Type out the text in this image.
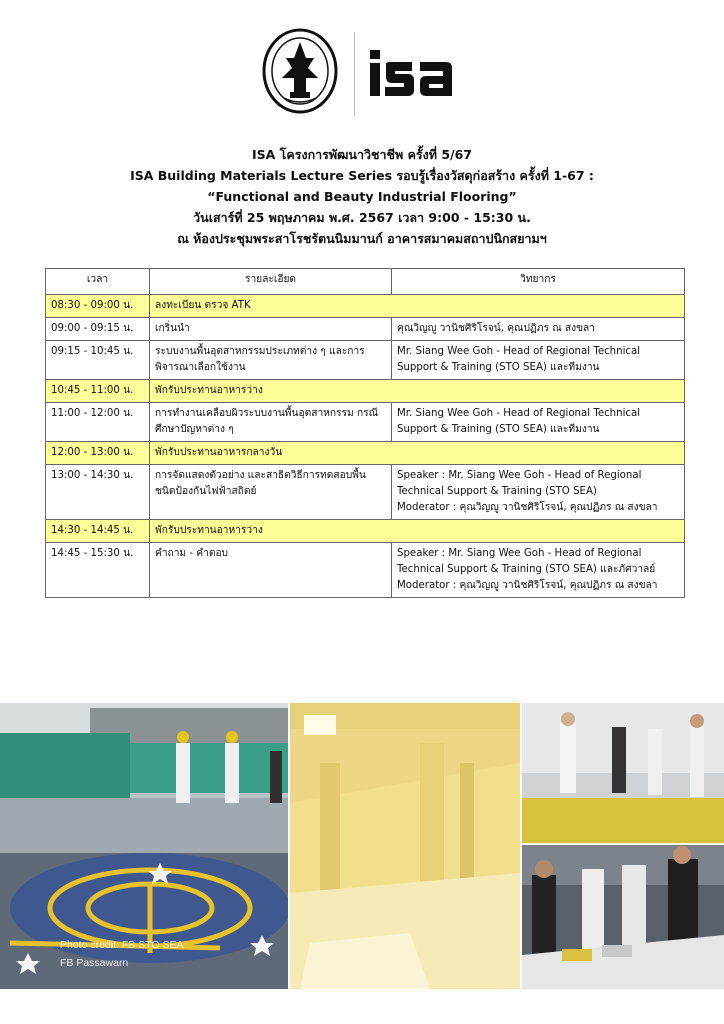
ISA โครงการพัฒนาวิชาชีพ ครั้งที่ 5/67
ISA Building Materials Lecture Series รอบรู้เรื่องวัสดุก่อสร้าง ครั้งที่ 1-67 :
“Functional and Beauty Industrial Flooring”
วันเสาร์ที่ 25 พฤษภาคม พ.ศ. 2567 เวลา 9:00 - 15:30 น.
ณ ห้องประชุมพระสาโรชรัตนนิมมานก์ อาคารสมาคมสถาปนิกสยามฯ
เวลา	รายละเอียด	วิทยากร
08:30 - 09:00 น.	ลงทะเบียน ตรวจ ATK	
09:00 - 09:15 น.	เกริ่นนำ	คุณวิญญู วานิชศิริโรจน์, คุณปฏิภร ณ สงขลา

09:15 - 10:45 น.	ระบบงานพื้นอุตสาหกรรมประเภทต่าง ๆ และการพิจารณาเลือกใช้งาน	Mr. Siang Wee Goh - Head of Regional Technical
Support & Training (STO SEA) และทีมงาน

10:45 - 11:00 น.	พักรับประทานอาหารว่าง	
11:00 - 12:00 น.	การทำงานเคลือบผิวระบบงานพื้นอุตสาหกรรม กรณีศึกษาปัญหาต่าง ๆ	Mr. Siang Wee Goh - Head of Regional Technical
Support & Training (STO SEA) และทีมงาน

12:00 - 13:00 น.	พักรับประทานอาหารกลางวัน	
13:00 - 14:30 น.	การจัดแสดงตัวอย่าง และสาธิตวิธีการทดสอบพื้นชนิดป้องกันไฟฟ้าสถิตย์	Speaker : Mr. Siang Wee Goh - Head of Regional
Technical Support & Training (STO SEA)
Moderator : คุณวิญญู วานิชศิริโรจน์, คุณปฏิภร ณ สงขลา

14:30 - 14:45 น.	พักรับประทานอาหารว่าง	
14:45 - 15:30 น.	คำถาม - คำตอบ	Speaker : Mr. Siang Wee Goh - Head of Regional
Technical Support & Training (STO SEA) และภัศวาลย์
Moderator : คุณวิญญู วานิชศิริโรจน์, คุณปฏิภร ณ สงขลา
Photo credit: FB STO SEA
FB Passawarn
